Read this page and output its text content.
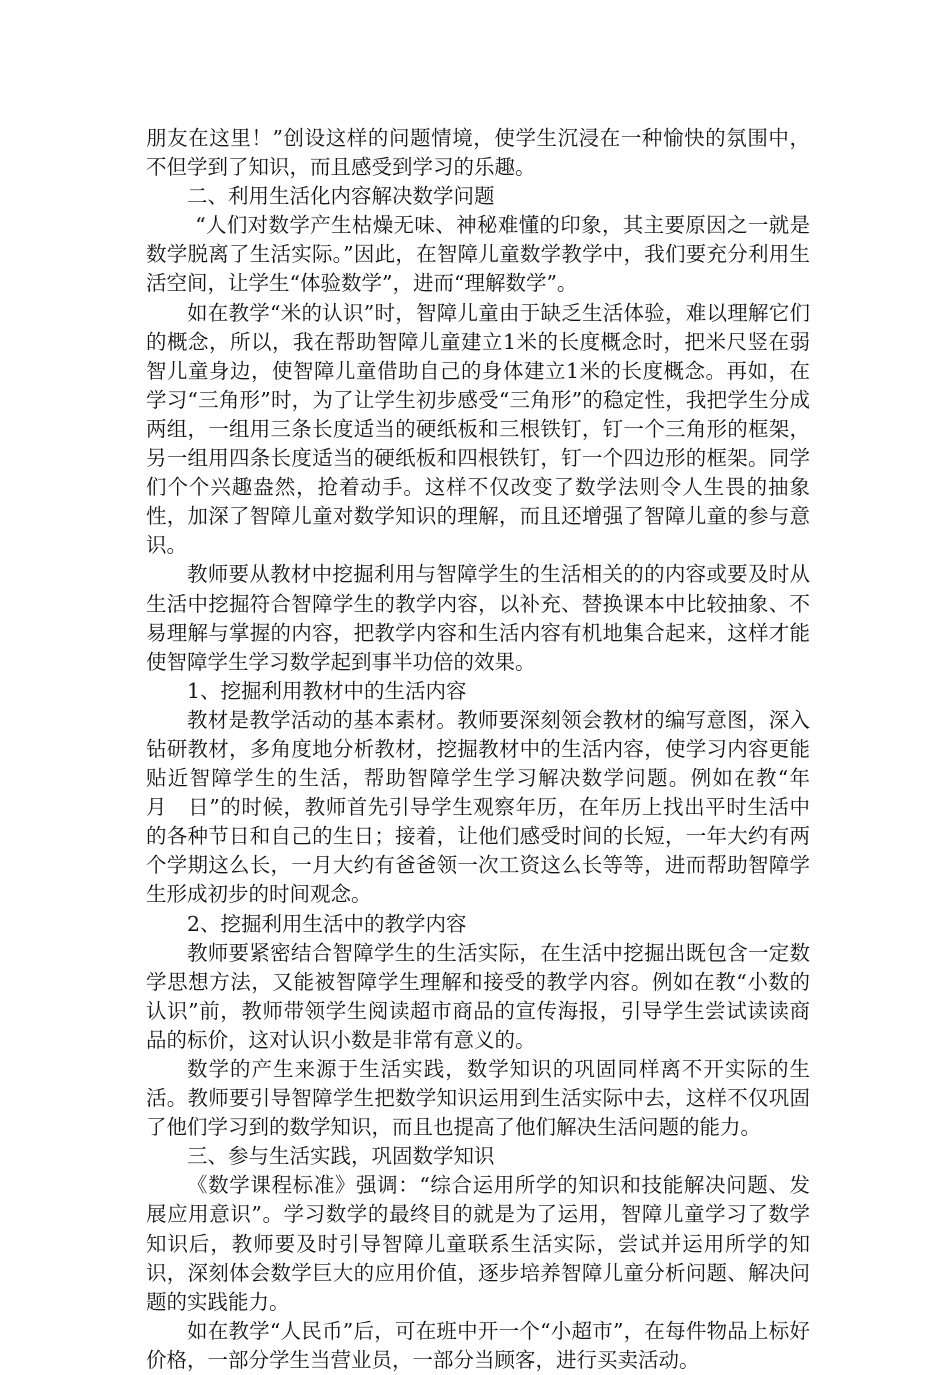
朋友在这里！”创设这样的问题情境，使学生沉浸在一种愉快的氛围中，不但学到了知识，而且感受到学习的乐趣。

二、利用生活化内容解决数学问题

“人们对数学产生枯燥无味、神秘难懂的印象，其主要原因之一就是数学脱离了生活实际。”因此，在智障儿童数学教学中，我们要充分利用生活空间，让学生“体验数学”，进而“理解数学”。

如在教学“米的认识”时，智障儿童由于缺乏生活体验，难以理解它们的概念，所以，我在帮助智障儿童建立1米的长度概念时，把米尺竖在弱智儿童身边，使智障儿童借助自己的身体建立1米的长度概念。再如，在学习“三角形”时，为了让学生初步感受“三角形”的稳定性，我把学生分成两组，一组用三条长度适当的硬纸板和三根铁钉，钉一个三角形的框架，另一组用四条长度适当的硬纸板和四根铁钉，钉一个四边形的框架。同学们个个兴趣盎然，抢着动手。这样不仅改变了数学法则令人生畏的抽象性，加深了智障儿童对数学知识的理解，而且还增强了智障儿童的参与意识。

教师要从教材中挖掘利用与智障学生的生活相关的的内容或要及时从生活中挖掘符合智障学生的教学内容，以补充、替换课本中比较抽象、不易理解与掌握的内容，把教学内容和生活内容有机地集合起来，这样才能使智障学生学习数学起到事半功倍的效果。

1、挖掘利用教材中的生活内容

教材是教学活动的基本素材。教师要深刻领会教材的编写意图，深入钻研教材，多角度地分析教材，挖掘教材中的生活内容，使学习内容更能贴近智障学生的生活，帮助智障学生学习解决数学问题。例如在教“年　月　日”的时候，教师首先引导学生观察年历，在年历上找出平时生活中的各种节日和自己的生日；接着，让他们感受时间的长短，一年大约有两个学期这么长，一月大约有爸爸领一次工资这么长等等，进而帮助智障学生形成初步的时间观念。

2、挖掘利用生活中的教学内容

教师要紧密结合智障学生的生活实际，在生活中挖掘出既包含一定数学思想方法，又能被智障学生理解和接受的教学内容。例如在教“小数的认识”前，教师带领学生阅读超市商品的宣传海报，引导学生尝试读读商品的标价，这对认识小数是非常有意义的。

数学的产生来源于生活实践，数学知识的巩固同样离不开实际的生活。教师要引导智障学生把数学知识运用到生活实际中去，这样不仅巩固了他们学习到的数学知识，而且也提高了他们解决生活问题的能力。

三、参与生活实践，巩固数学知识

《数学课程标准》强调：“综合运用所学的知识和技能解决问题、发展应用意识”。学习数学的最终目的就是为了运用，智障儿童学习了数学知识后，教师要及时引导智障儿童联系生活实际，尝试并运用所学的知识，深刻体会数学巨大的应用价值，逐步培养智障儿童分析问题、解决问题的实践能力。

如在教学“人民币”后，可在班中开一个“小超市”，在每件物品上标好价格，一部分学生当营业员，一部分当顾客，进行买卖活动。
